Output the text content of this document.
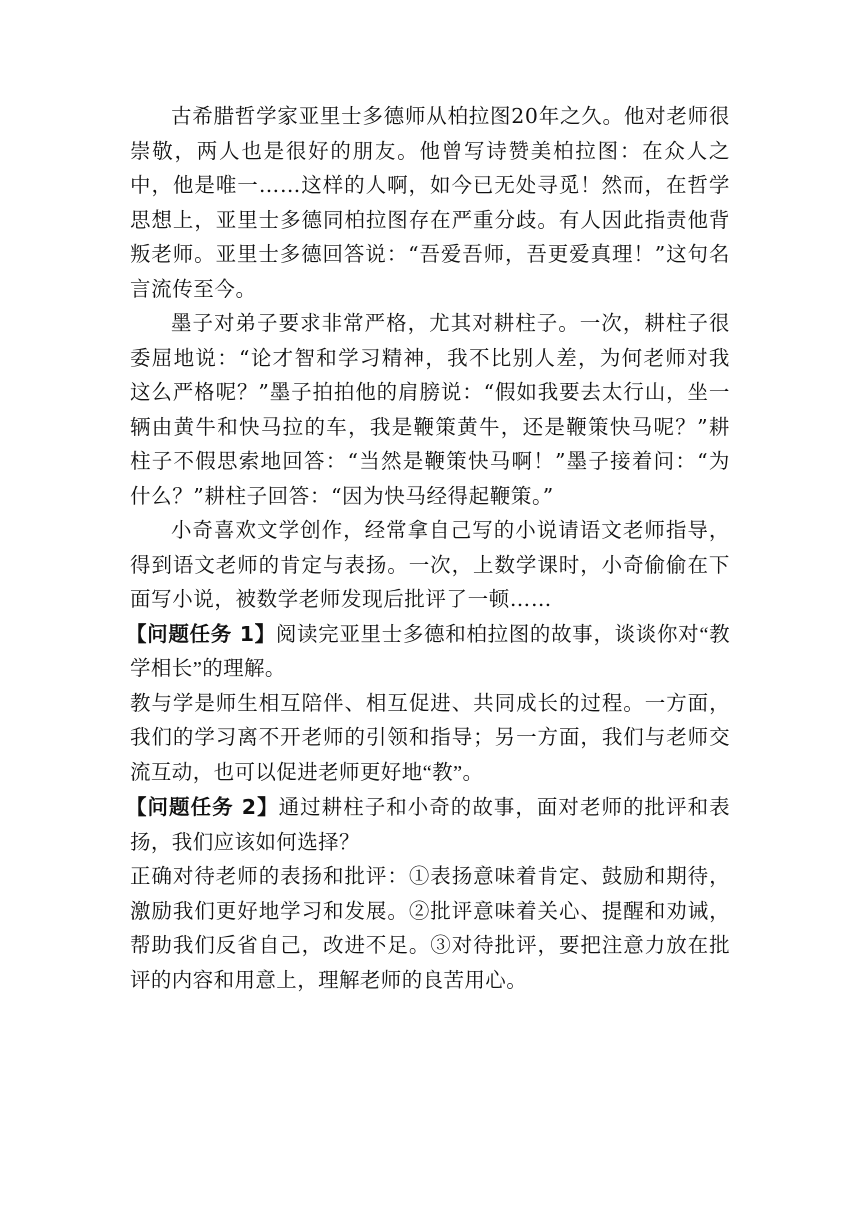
古希腊哲学家亚里士多德师从柏拉图20年之久。他对老师很崇敬，两人也是很好的朋友。他曾写诗赞美柏拉图：在众人之中，他是唯一……这样的人啊，如今已无处寻觅！然而，在哲学思想上，亚里士多德同柏拉图存在严重分歧。有人因此指责他背叛老师。亚里士多德回答说：“吾爱吾师，吾更爱真理！”这句名言流传至今。

墨子对弟子要求非常严格，尤其对耕柱子。一次，耕柱子很委屈地说：“论才智和学习精神，我不比别人差，为何老师对我这么严格呢？”墨子拍拍他的肩膀说：“假如我要去太行山，坐一辆由黄牛和快马拉的车，我是鞭策黄牛，还是鞭策快马呢？”耕柱子不假思索地回答：“当然是鞭策快马啊！”墨子接着问：“为什么？”耕柱子回答：“因为快马经得起鞭策。”

小奇喜欢文学创作，经常拿自己写的小说请语文老师指导，得到语文老师的肯定与表扬。一次，上数学课时，小奇偷偷在下面写小说，被数学老师发现后批评了一顿……

【问题任务 1】阅读完亚里士多德和柏拉图的故事，谈谈你对“教学相长”的理解。

教与学是师生相互陪伴、相互促进、共同成长的过程。一方面，我们的学习离不开老师的引领和指导；另一方面，我们与老师交流互动，也可以促进老师更好地“教”。

【问题任务 2】通过耕柱子和小奇的故事，面对老师的批评和表扬，我们应该如何选择？

正确对待老师的表扬和批评：①表扬意味着肯定、鼓励和期待，激励我们更好地学习和发展。②批评意味着关心、提醒和劝诫，帮助我们反省自己，改进不足。③对待批评，要把注意力放在批评的内容和用意上，理解老师的良苦用心。
